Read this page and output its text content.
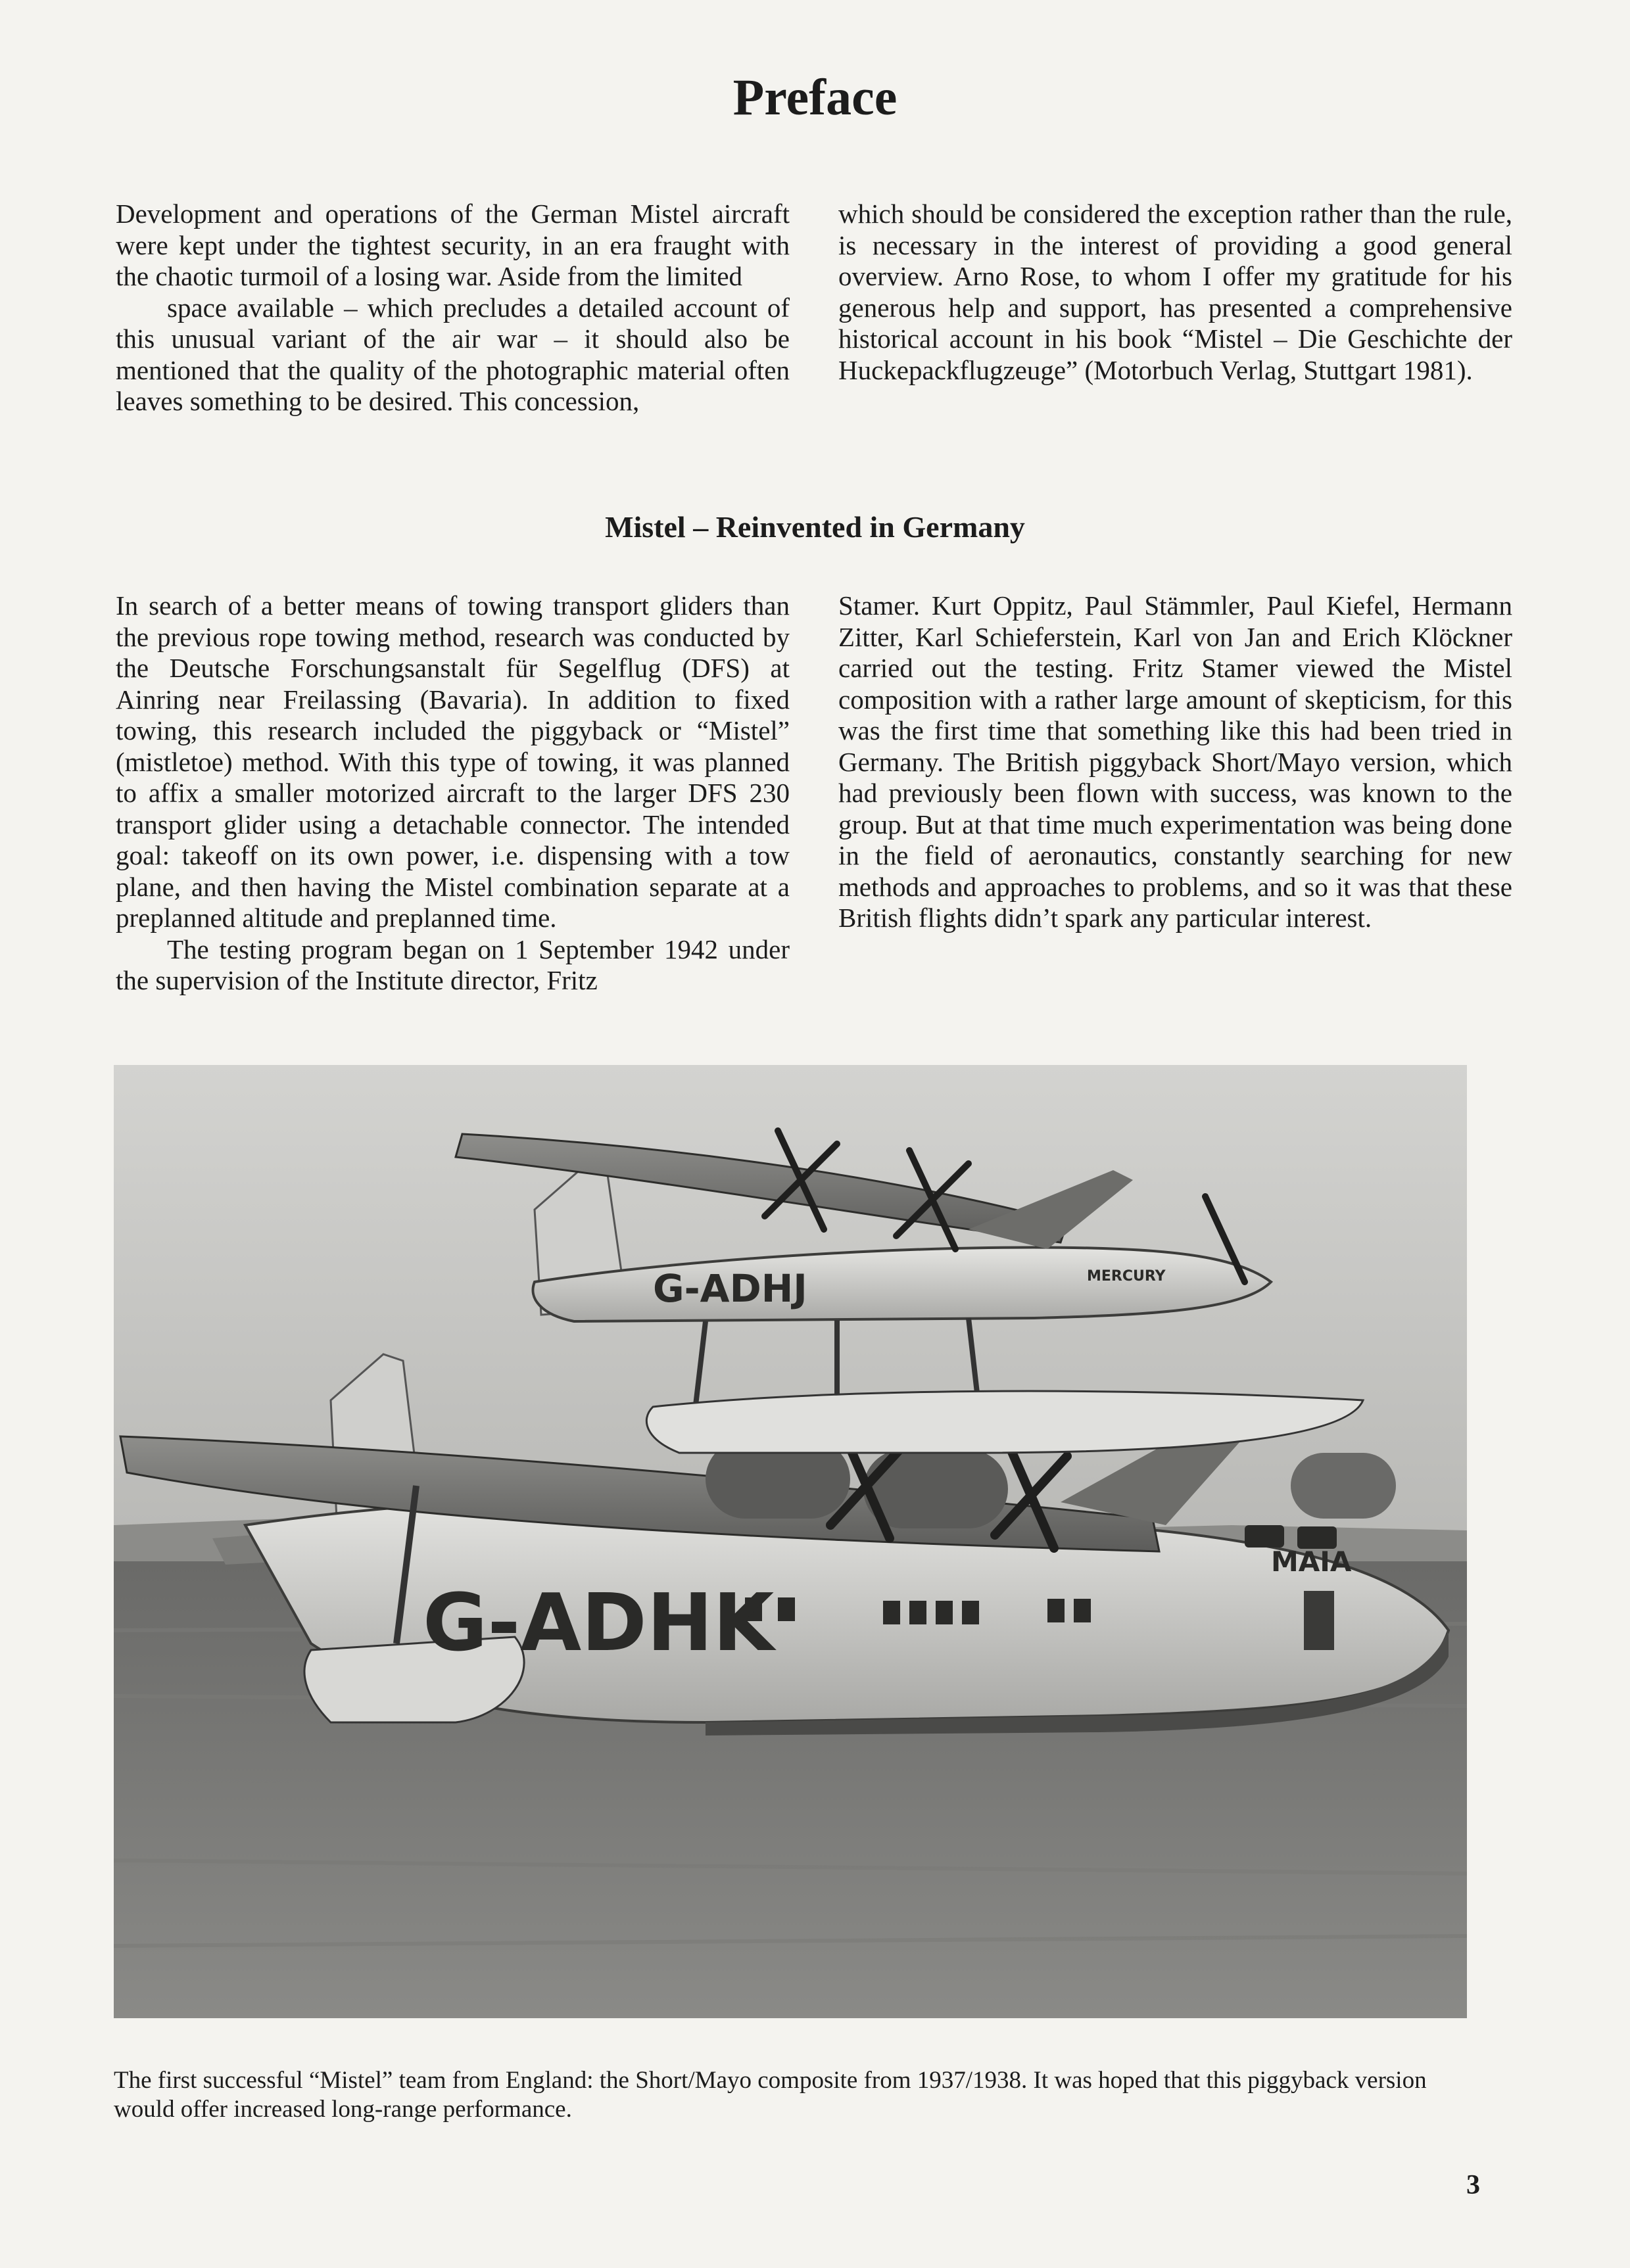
Preface

Development and operations of the German Mistel aircraft were kept under the tightest security, in an era fraught with the chaotic turmoil of a losing war. Aside from the limited

space available – which precludes a detailed account of this unusual variant of the air war – it should also be mentioned that the quality of the photographic material often leaves something to be desired. This concession,

which should be considered the exception rather than the rule, is necessary in the interest of providing a good general overview. Arno Rose, to whom I offer my gratitude for his generous help and support, has presented a comprehensive historical account in his book “Mistel – Die Geschichte der Huckepackflugzeuge” (Motorbuch Verlag, Stuttgart 1981).

Mistel – Reinvented in Germany

In search of a better means of towing transport gliders than the previous rope towing method, research was conducted by the Deutsche Forschungsanstalt für Segelflug (DFS) at Ainring near Freilassing (Bavaria). In addition to fixed towing, this research included the piggyback or “Mistel” (mistletoe) method. With this type of towing, it was planned to affix a smaller motorized aircraft to the larger DFS 230 transport glider using a detachable connector. The intended goal: takeoff on its own power, i.e. dispensing with a tow plane, and then having the Mistel combination separate at a preplanned altitude and preplanned time.

The testing program began on 1 September 1942 under the supervision of the Institute director, Fritz

Stamer. Kurt Oppitz, Paul Stämmler, Paul Kiefel, Hermann Zitter, Karl Schieferstein, Karl von Jan and Erich Klöckner carried out the testing. Fritz Stamer viewed the Mistel composition with a rather large amount of skepticism, for this was the first time that something like this had been tried in Germany. The British piggyback Short/Mayo version, which had previously been flown with success, was known to the group. But at that time much experimentation was being done in the field of aeronautics, constantly searching for new methods and approaches to problems, and so it was that these British flights didn’t spark any particular interest.

G-ADHJ	MERCURY
G-ADHK
MAIA

The first successful “Mistel” team from England: the Short/Mayo composite from 1937/1938. It was hoped that this piggyback version would offer increased long-range performance.

3
